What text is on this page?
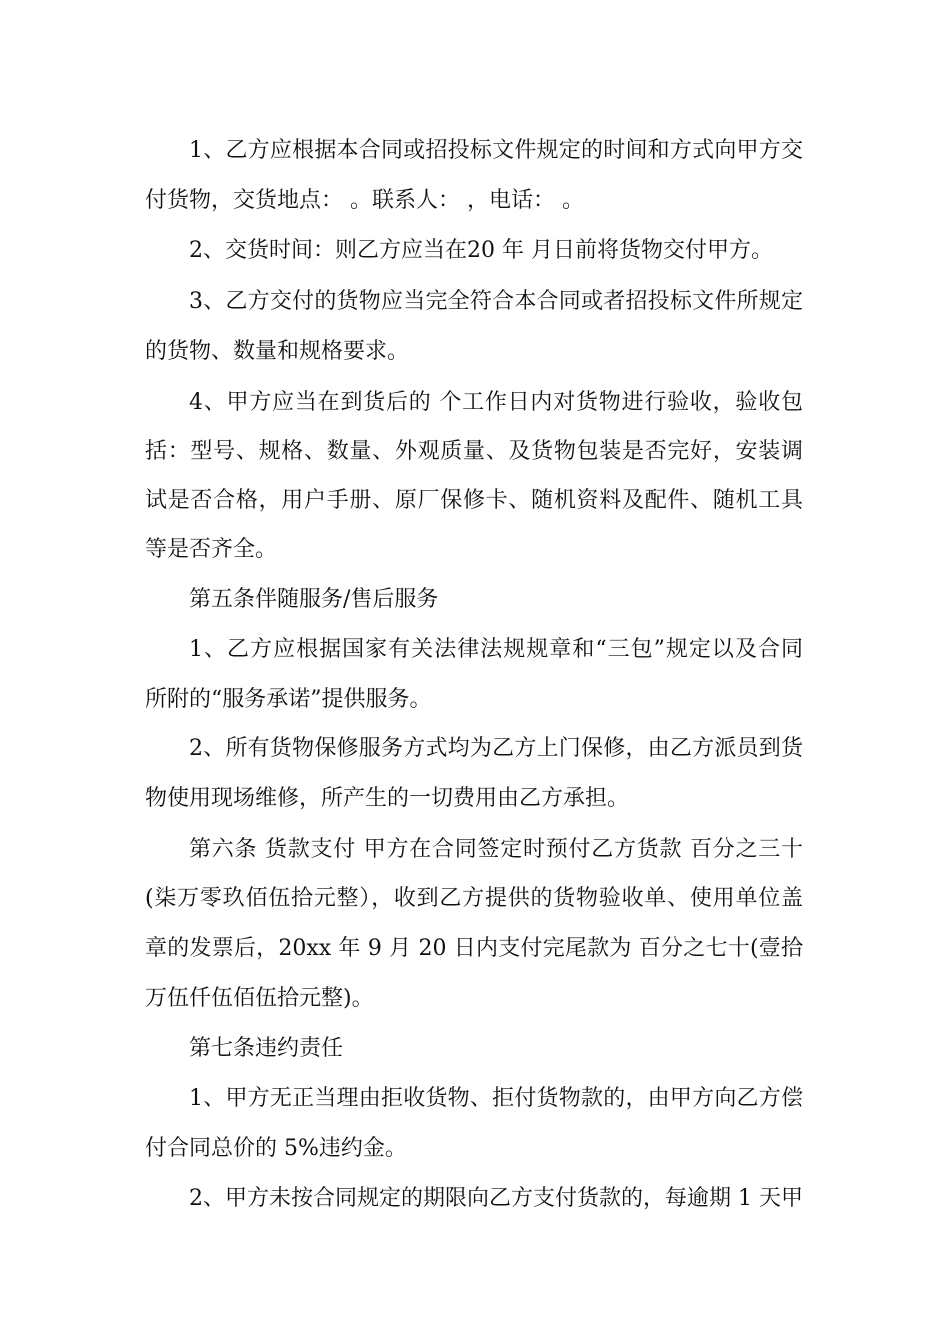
1、乙方应根据本合同或招投标文件规定的时间和方式向甲方交
付货物，交货地点： 。联系人： ，电话： 。
2、交货时间：则乙方应当在20 年 月日前将货物交付甲方。
3、乙方交付的货物应当完全符合本合同或者招投标文件所规定
的货物、数量和规格要求。
4、甲方应当在到货后的 个工作日内对货物进行验收，验收包
括：型号、规格、数量、外观质量、及货物包装是否完好，安装调
试是否合格，用户手册、原厂保修卡、随机资料及配件、随机工具
等是否齐全。
第五条伴随服务/售后服务
1、乙方应根据国家有关法律法规规章和“三包”规定以及合同
所附的“服务承诺”提供服务。
2、所有货物保修服务方式均为乙方上门保修，由乙方派员到货
物使用现场维修，所产生的一切费用由乙方承担。
第六条 货款支付 甲方在合同签定时预付乙方货款 百分之三十
(柒万零玖佰伍拾元整），收到乙方提供的货物验收单、使用单位盖
章的发票后，20xx 年 9 月 20 日内支付完尾款为 百分之七十(壹拾
万伍仟伍佰伍拾元整)。
第七条违约责任
1、甲方无正当理由拒收货物、拒付货物款的，由甲方向乙方偿
付合同总价的 5%违约金。
2、甲方未按合同规定的期限向乙方支付货款的，每逾期 1 天甲
